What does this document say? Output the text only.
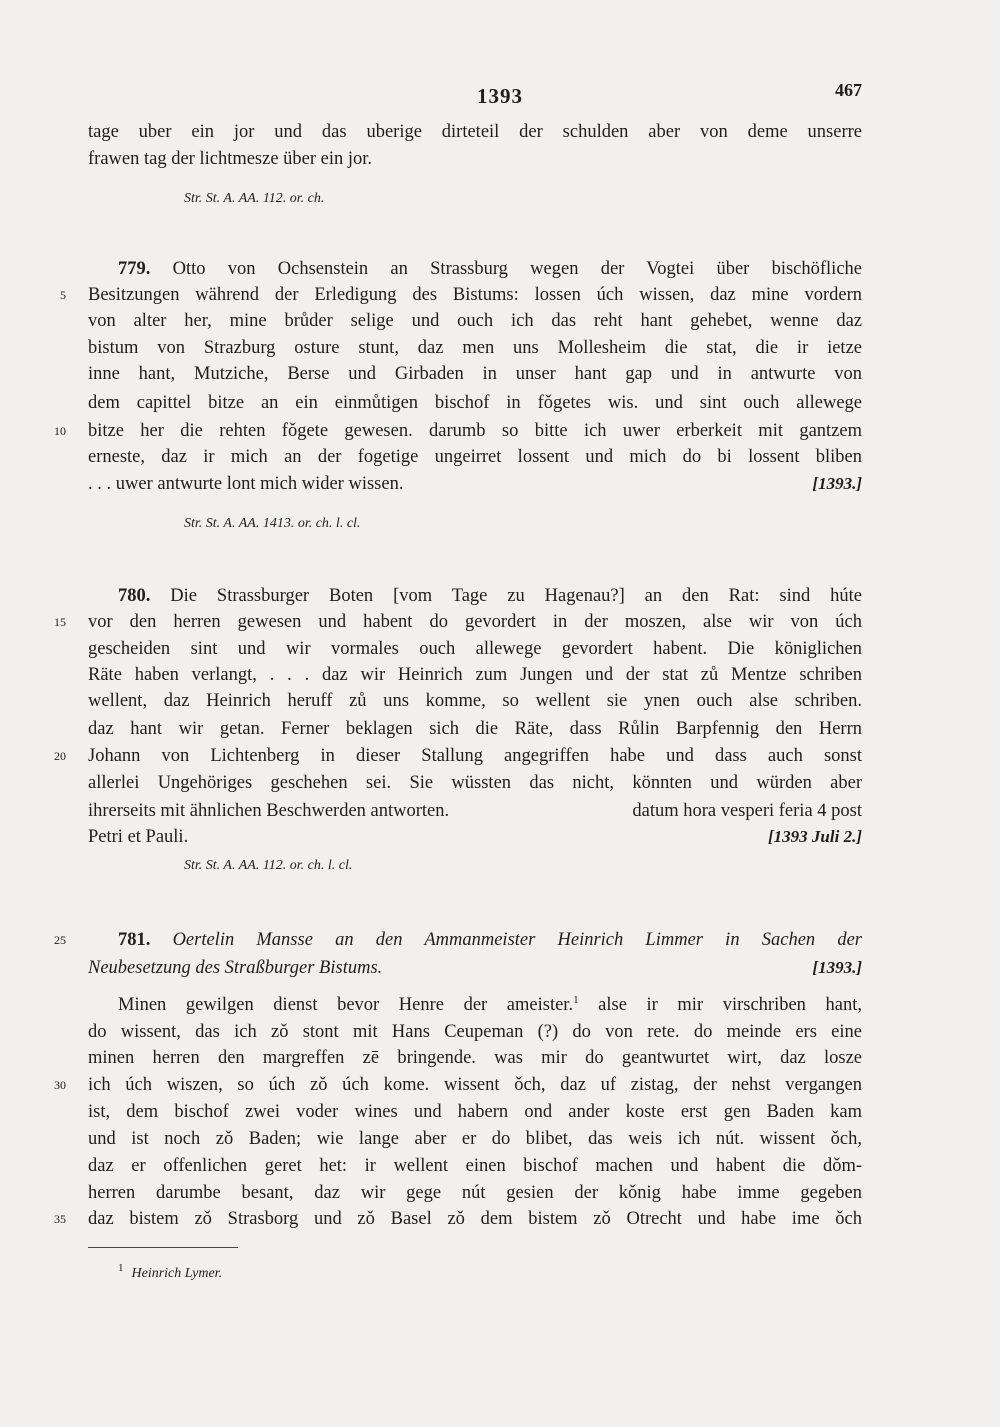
1393	467
tage uber ein jor und das uberige dirteteil der schulden aber von deme unserre
frawen tag der lichtmesze über ein jor.
Str. St. A. AA. 112. or. ch.
779. Otto von Ochsenstein an Strassburg wegen der Vogtei über bischöfliche
5 Besitzungen während der Erledigung des Bistums: lossen úch wissen, daz mine vordern
von alter her, mine brůder selige und ouch ich das reht hant gehebet, wenne daz
bistum von Strazburg osture stunt, daz men uns Mollesheim die stat, die ir ietze
inne hant, Mutziche, Berse und Girbaden in unser hant gap und in antwurte von
dem capittel bitze an ein einmůtigen bischof in fǒgetes wis. und sint ouch allewege
10 bitze her die rehten fǒgete gewesen. darumb so bitte ich uwer erberkeit mit gantzem
erneste, daz ir mich an der fogetige ungeirret lossent und mich do bi lossent bliben
. . . uwer antwurte lont mich wider wissen.	[1393.]
Str. St. A. AA. 1413. or. ch. l. cl.
780. Die Strassburger Boten [vom Tage zu Hagenau?] an den Rat: sind húte
15 vor den herren gewesen und habent do gevordert in der moszen, alse wir von úch
gescheiden sint und wir vormales ouch allewege gevordert habent. Die königlichen
Räte haben verlangt, . . . daz wir Heinrich zum Jungen und der stat zů Mentze schriben
wellent, daz Heinrich heruff zů uns komme, so wellent sie ynen ouch alse schriben.
daz hant wir getan. Ferner beklagen sich die Räte, dass Růlin Barpfennig den Herrn
20 Johann von Lichtenberg in dieser Stallung angegriffen habe und dass auch sonst
allerlei Ungehöriges geschehen sei. Sie wüssten das nicht, könnten und würden aber
ihrerseits mit ähnlichen Beschwerden antworten.	datum hora vesperi feria 4 post
Petri et Pauli.	[1393 Juli 2.]
Str. St. A. AA. 112. or. ch. l. cl.
25	781. Oertelin Mansse an den Ammanmeister Heinrich Limmer in Sachen der
Neubesetzung des Straßburger Bistums.	[1393.]
Minen gewilgen dienst bevor Henre der ameister.$^1$ alse ir mir virschriben hant,
do wissent, das ich zǒ stont mit Hans Ceupeman (?) do von rete. do meinde ers eine
minen herren den margreffen zē bringende. was mir do geantwurtet wirt, daz losze
30 ich úch wiszen, so úch zǒ úch kome. wissent ǒch, daz uf zistag, der nehst vergangen
ist, dem bischof zwei voder wines und habern ond ander koste erst gen Baden kam
und ist noch zǒ Baden; wie lange aber er do blibet, das weis ich nút. wissent ǒch,
daz er offenlichen geret het: ir wellent einen bischof machen und habent die dǒm-
herren darumbe besant, daz wir gege nút gesien der kǒnig habe imme gegeben
35 daz bistem zǒ Strasborg und zǒ Basel zǒ dem bistem zǒ Otrecht und habe ime ǒch
$^1$ Heinrich Lymer.
